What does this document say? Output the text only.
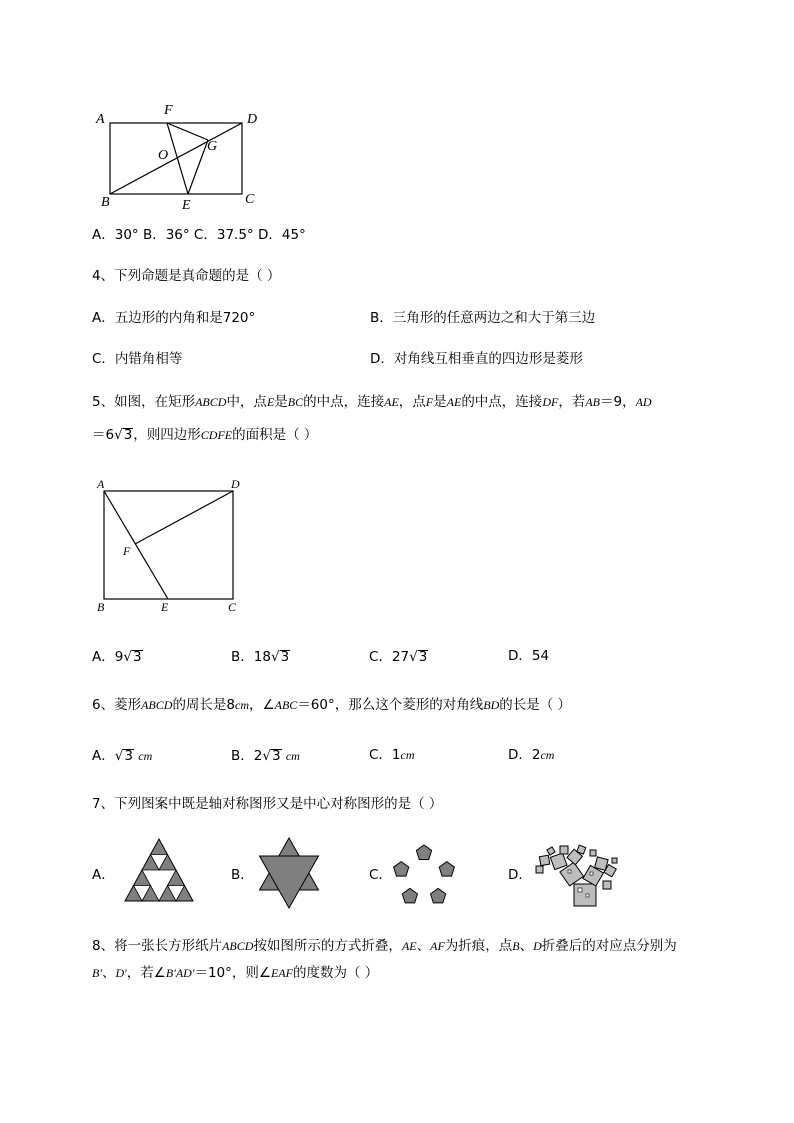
A
F
D
O
G
B	E	C
A．30° B．36° C．37.5° D．45°
4、下列命题是真命题的是（ ）
A．五边形的内角和是720°	B．三角形的任意两边之和大于第三边
C．内错角相等	D．对角线互相垂直的四边形是菱形
5、如图，在矩形ABCD中，点E是BC的中点，连接AE，点F是AE的中点，连接DF，若AB＝9，AD
＝6√3，则四边形CDFE的面积是（ ）
A	D
F
B	E	C
A．9√3	B．18√3	C．27√3	D．54
6、菱形ABCD的周长是8cm，∠ABC＝60°，那么这个菱形的对角线BD的长是（ ）
A．√3 cm	B．2√3 cm	C．1cm	D．2cm
7、下列图案中既是轴对称图形又是中心对称图形的是（ ）
A．	B．	C．	D．
8、将一张长方形纸片ABCD按如图所示的方式折叠，AE、AF为折痕，点B、D折叠后的对应点分别为
B′、D′，若∠B′AD′＝10°，则∠EAF的度数为（ ）
